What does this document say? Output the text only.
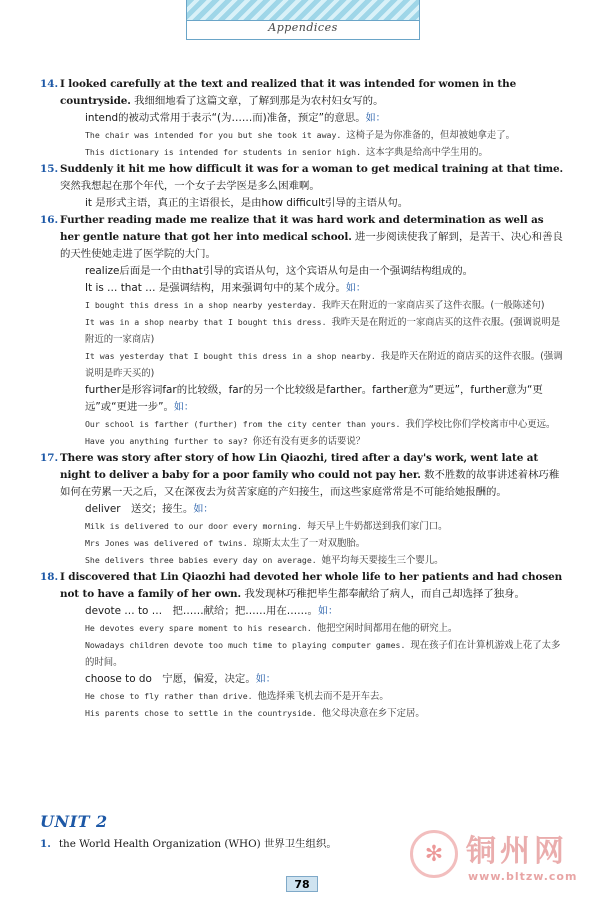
Appendices
14. I looked carefully at the text and realized that it was intended for women in the countryside. 我细细地看了这篇文章，了解到那是为农村妇女写的。
intend的被动式常用于表示“(为……而)准备，预定”的意思。如：
The chair was intended for you but she took it away. 这椅子是为你准备的，但却被她拿走了。
This dictionary is intended for students in senior high. 这本字典是给高中学生用的。
15. Suddenly it hit me how difficult it was for a woman to get medical training at that time. 突然我想起在那个年代，一个女子去学医是多么困难啊。
it 是形式主语，真正的主语很长，是由how difficult引导的主语从句。
16. Further reading made me realize that it was hard work and determination as well as her gentle nature that got her into medical school. 进一步阅读使我了解到，是苦干、决心和善良的天性使她走进了医学院的大门。
realize后面是一个由that引导的宾语从句，这个宾语从句是由一个强调结构组成的。
It is … that … 是强调结构，用来强调句中的某个成分。如：
I bought this dress in a shop nearby yesterday. 我昨天在附近的一家商店买了这件衣服。(一般陈述句)
It was in a shop nearby that I bought this dress. 我昨天是在附近的一家商店买的这件衣服。(强调说明是附近的一家商店)
It was yesterday that I bought this dress in a shop nearby. 我是昨天在附近的商店买的这件衣服。(强调说明是昨天买的)
further是形容词far的比较级，far的另一个比较级是farther。farther意为“更远”，further意为“更远”或“更进一步”。如：
Our school is farther (further) from the city center than yours. 我们学校比你们学校离市中心更远。
Have you anything further to say? 你还有没有更多的话要说？
17. There was story after story of how Lin Qiaozhi, tired after a day's work, went late at night to deliver a baby for a poor family who could not pay her. 数不胜数的故事讲述着林巧稚如何在劳累一天之后，又在深夜去为贫苦家庭的产妇接生，而这些家庭常常是不可能给她报酬的。
deliver　送交；接生。如：
Milk is delivered to our door every morning. 每天早上牛奶都送到我们家门口。
Mrs Jones was delivered of twins. 琼斯太太生了一对双胞胎。
She delivers three babies every day on average. 她平均每天要接生三个婴儿。
18. I discovered that Lin Qiaozhi had devoted her whole life to her patients and had chosen not to have a family of her own. 我发现林巧稚把毕生都奉献给了病人，而自己却选择了独身。
devote … to …　把……献给；把……用在……。如：
He devotes every spare moment to his research. 他把空闲时间都用在他的研究上。
Nowadays children devote too much time to playing computer games. 现在孩子们在计算机游戏上花了太多的时间。
choose to do　宁愿，偏爱，决定。如：
He chose to fly rather than drive. 他选择乘飞机去而不是开车去。
His parents chose to settle in the countryside. 他父母决意在乡下定居。
UNIT 2
1. the World Health Organization (WHO) 世界卫生组织。	✻ 铜州网
www.bltzw.com
78
